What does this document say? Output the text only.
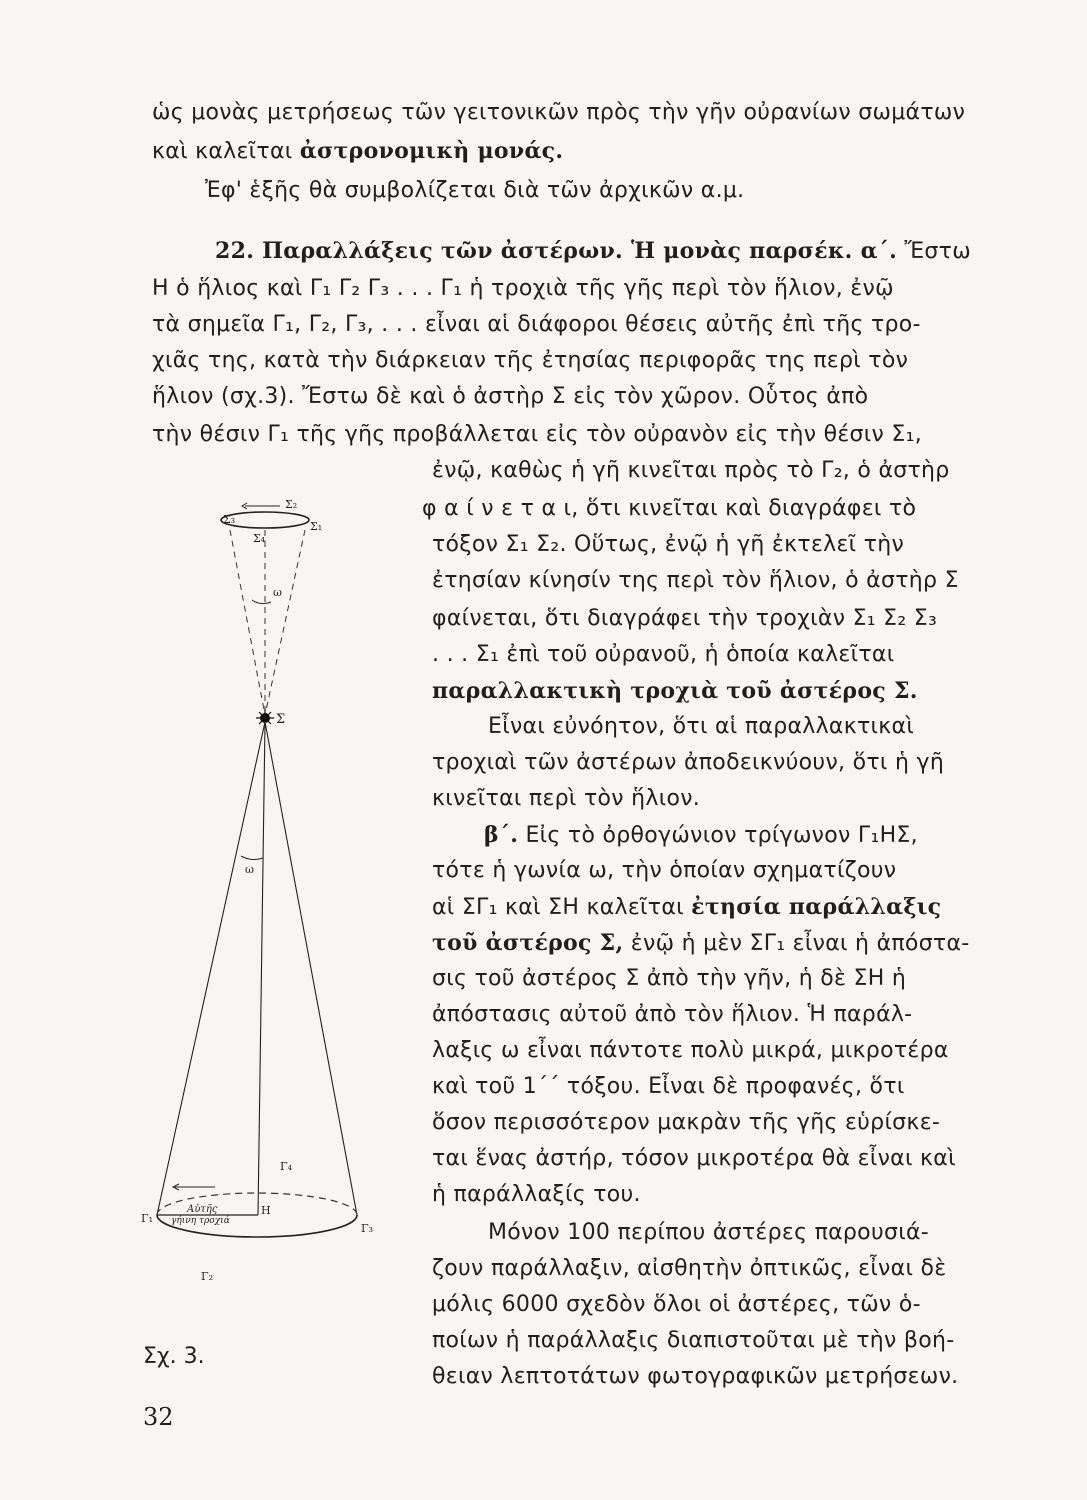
ὡς μονὰς μετρήσεως τῶν γειτονικῶν πρὸς τὴν γῆν οὐρανίων σωμάτων
καὶ καλεῖται ἀστρονομικὴ μονάς.
Ἐφ' ἑξῆς θὰ συμβολίζεται διὰ τῶν ἀρχικῶν α.μ.
22. Παραλλάξεις τῶν ἀστέρων. Ἡ μονὰς παρσέκ. α΄. Ἔστω
Η ὁ ἥλιος καὶ Γ₁ Γ₂ Γ₃ . . . Γ₁ ἡ τροχιὰ τῆς γῆς περὶ τὸν ἥλιον, ἐνῷ
τὰ σημεῖα Γ₁, Γ₂, Γ₃, . . . εἶναι αἱ διάφοροι θέσεις αὐτῆς ἐπὶ τῆς τρο-
χιᾶς της, κατὰ τὴν διάρκειαν τῆς ἐτησίας περιφορᾶς της περὶ τὸν
ἥλιον (σχ.3). Ἔστω δὲ καὶ ὁ ἀστὴρ Σ εἰς τὸν χῶρον. Οὗτος ἀπὸ
τὴν θέσιν Γ₁ τῆς γῆς προβάλλεται εἰς τὸν οὐρανὸν εἰς τὴν θέσιν Σ₁,
ἐνῷ, καθὼς ἡ γῆ κινεῖται πρὸς τὸ Γ₂, ὁ ἀστὴρ
φ α ί ν ε τ α ι, ὅτι κινεῖται καὶ διαγράφει τὸ
τόξον Σ₁ Σ₂. Οὕτως, ἐνῷ ἡ γῆ ἐκτελεῖ τὴν
ἐτησίαν κίνησίν της περὶ τὸν ἥλιον, ὁ ἀστὴρ Σ
φαίνεται, ὅτι διαγράφει τὴν τροχιὰν Σ₁ Σ₂ Σ₃
. . . Σ₁ ἐπὶ τοῦ οὐρανοῦ, ἡ ὁποία καλεῖται
παραλλακτικὴ τροχιὰ τοῦ ἀστέρος Σ.
Εἶναι εὐνόητον, ὅτι αἱ παραλλακτικαὶ
τροχιαὶ τῶν ἀστέρων ἀποδεικνύουν, ὅτι ἡ γῆ
κινεῖται περὶ τὸν ἥλιον.
β΄. Εἰς τὸ ὀρθογώνιον τρίγωνον Γ₁ΗΣ,
τότε ἡ γωνία ω, τὴν ὁποίαν σχηματίζουν
αἱ ΣΓ₁ καὶ ΣΗ καλεῖται ἐτησία παράλλαξις
τοῦ ἀστέρος Σ, ἐνῷ ἡ μὲν ΣΓ₁ εἶναι ἡ ἀπόστα-
σις τοῦ ἀστέρος Σ ἀπὸ τὴν γῆν, ἡ δὲ ΣΗ ἡ
ἀπόστασις αὐτοῦ ἀπὸ τὸν ἥλιον. Ἡ παράλ-
λαξις ω εἶναι πάντοτε πολὺ μικρά, μικροτέρα
καὶ τοῦ 1΄΄ τόξου. Εἶναι δὲ προφανές, ὅτι
ὅσον περισσότερον μακρὰν τῆς γῆς εὑρίσκε-
ται ἕνας ἀστήρ, τόσον μικροτέρα θὰ εἶναι καὶ
ἡ παράλλαξίς του.
Μόνον 100 περίπου ἀστέρες παρουσιά-
ζουν παράλλαξιν, αἰσθητὴν ὀπτικῶς, εἶναι δὲ
μόλις 6000 σχεδὸν ὅλοι οἱ ἀστέρες, τῶν ὁ-
ποίων ἡ παράλλαξις διαπιστοῦται μὲ τὴν βοή-
θειαν λεπτοτάτων φωτογραφικῶν μετρήσεων.
Σ₃
Σ₁
Σ₂
Σ₄
ω
Σ
ω
Γ₄
Γ₁
Γ₃
Γ₂
Η
Αὐτῆς
γήινη τροχιά
Σχ. 3.
32
